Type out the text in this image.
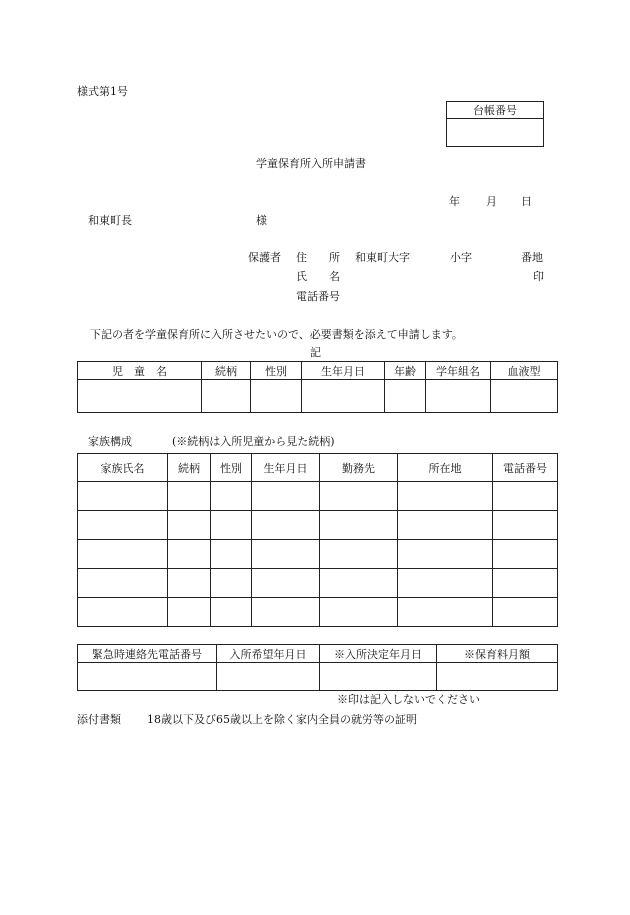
様式第1号
台帳番号

学童保育所入所申請書
年 月 日
和東町長	様
保護者 住　　所 和東町大字	小字	番地
氏　　名	印
電話番号
下記の者を学童保育所に入所させたいので、必要書類を添えて申請します。
記
児　童　名	続柄	性別	生年月日	年齢	学年組名	血液型

家族構成	(※続柄は入所児童から見た続柄)
家族氏名	続柄	性別	生年月日	勤務先	所在地	電話番号

緊急時連絡先電話番号	入所希望年月日	※入所決定年月日	※保育料月額

※印は記入しないでください
添付書類 18歳以下及び65歳以上を除く家内全員の就労等の証明
